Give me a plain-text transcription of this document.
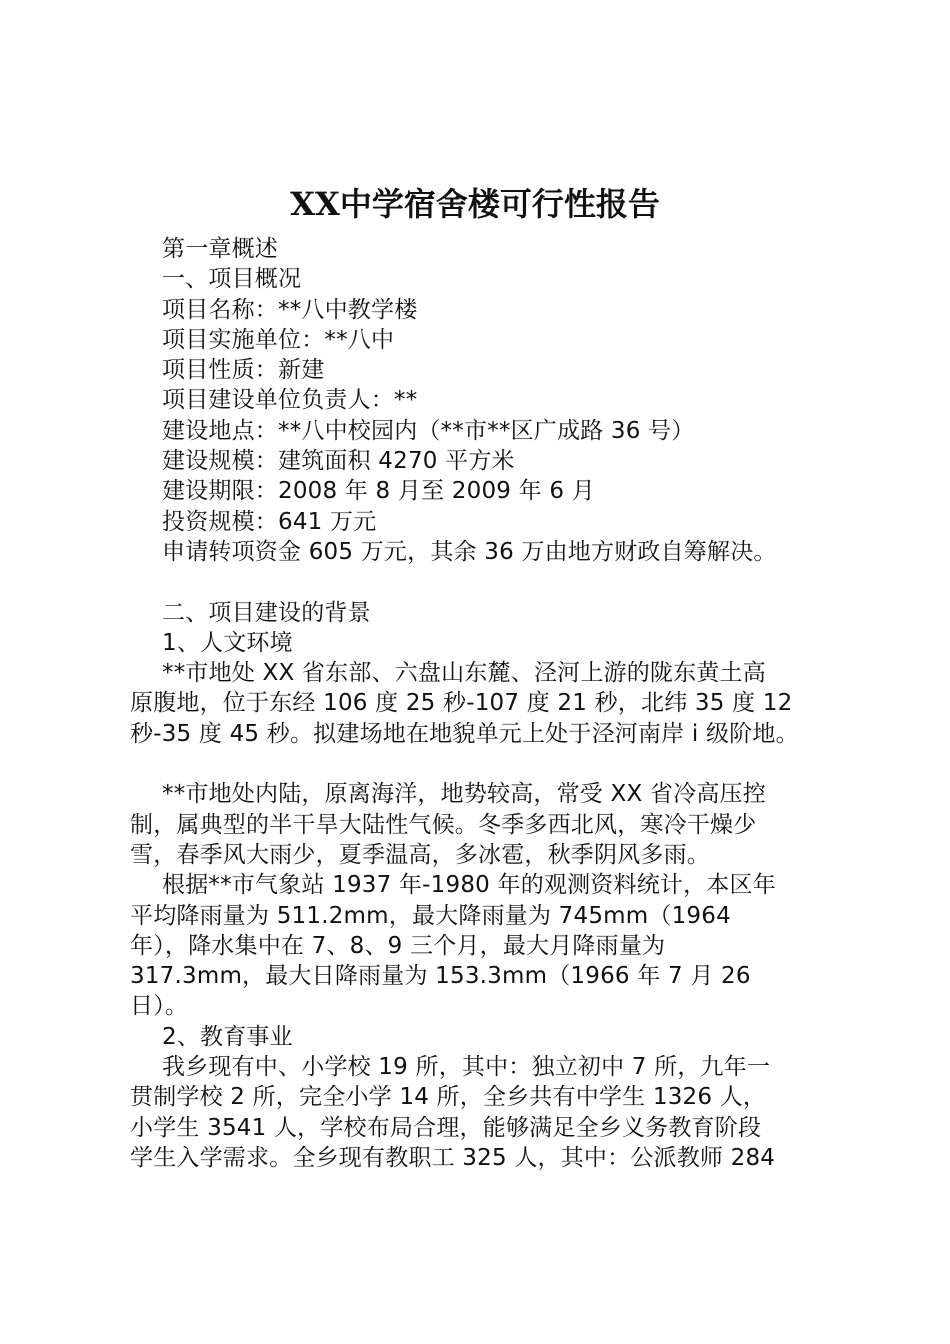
XX中学宿舍楼可行性报告
第一章概述
一、项目概况
项目名称：**八中教学楼
项目实施单位：**八中
项目性质：新建
项目建设单位负责人：**
建设地点：**八中校园内（**市**区广成路 36 号）
建设规模：建筑面积 4270 平方米
建设期限：2008 年 8 月至 2009 年 6 月
投资规模：641 万元
申请转项资金 605 万元，其余 36 万由地方财政自筹解决。
二、项目建设的背景
1、人文环境
**市地处 XX 省东部、六盘山东麓、泾河上游的陇东黄土高
原腹地，位于东经 106 度 25 秒-107 度 21 秒，北纬 35 度 12
秒-35 度 45 秒。拟建场地在地貌单元上处于泾河南岸 i 级阶地。
**市地处内陆，原离海洋，地势较高，常受 XX 省冷高压控
制，属典型的半干旱大陆性气候。冬季多西北风，寒冷干燥少
雪，春季风大雨少，夏季温高，多冰雹，秋季阴风多雨。
根据**市气象站 1937 年-1980 年的观测资料统计，本区年
平均降雨量为 511.2mm，最大降雨量为 745mm（1964
年），降水集中在 7、8、9 三个月，最大月降雨量为
317.3mm，最大日降雨量为 153.3mm（1966 年 7 月 26
日）。
2、教育事业
我乡现有中、小学校 19 所，其中：独立初中 7 所，九年一
贯制学校 2 所，完全小学 14 所，全乡共有中学生 1326 人，
小学生 3541 人，学校布局合理，能够满足全乡义务教育阶段
学生入学需求。全乡现有教职工 325 人，其中：公派教师 284
